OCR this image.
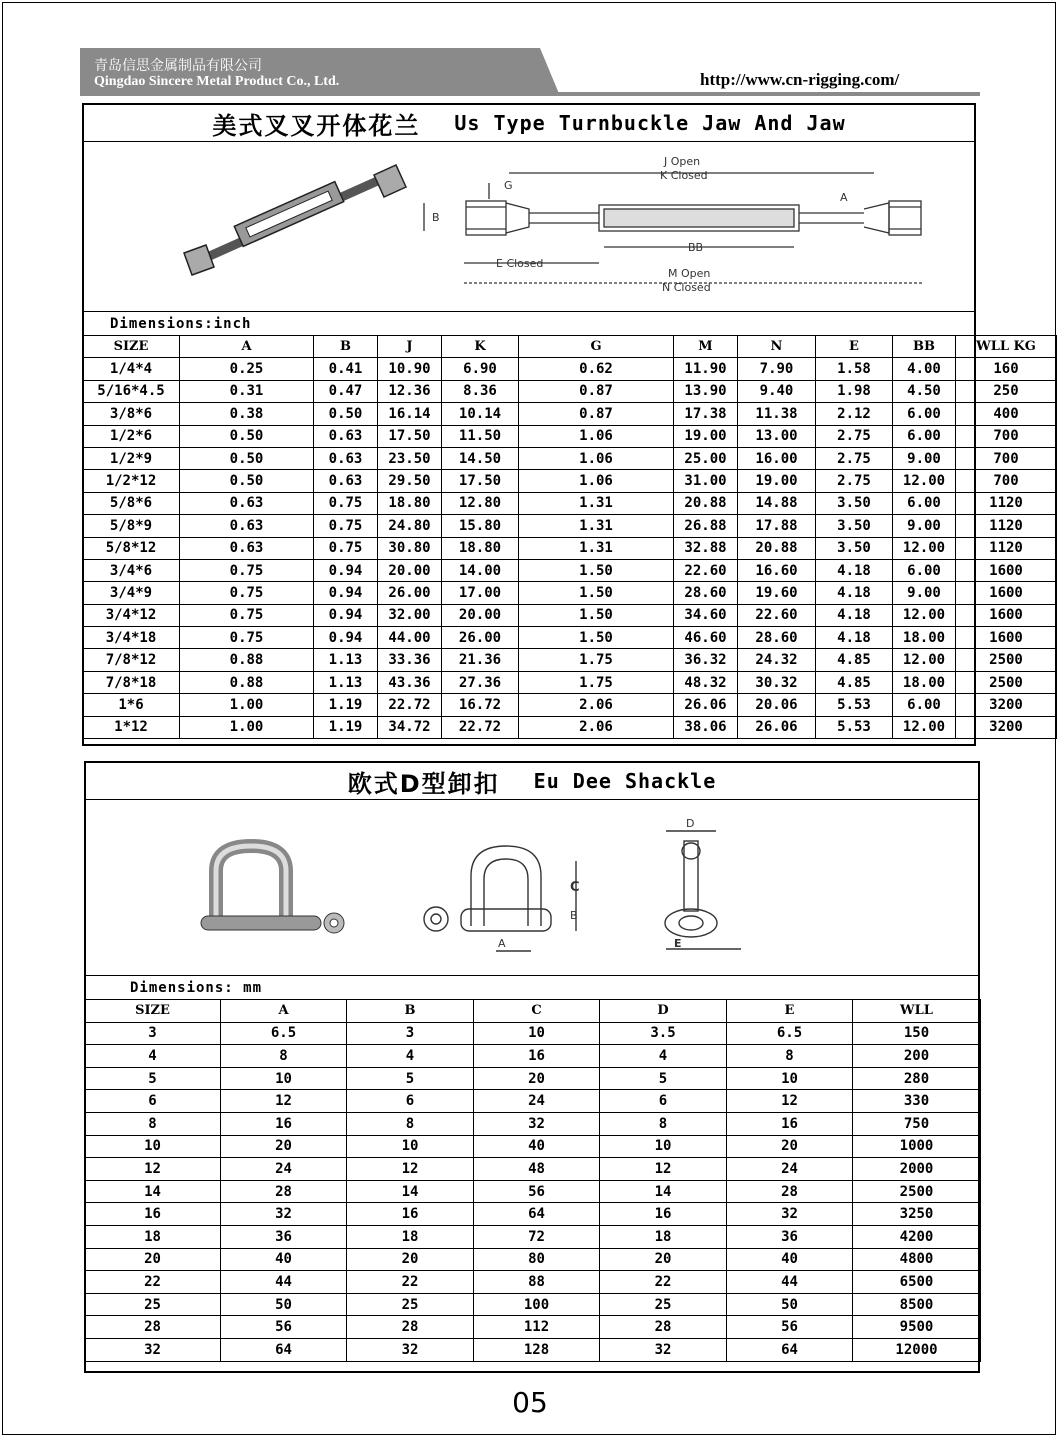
青岛信思金属制品有限公司
Qingdao Sincere Metal Product Co., Ltd.	http://www.cn-rigging.com/
美式叉叉开体花兰 Us Type Turnbuckle Jaw And Jaw
J Open
K Closed
G
B
A
BB
E Closed
M Open
N Closed
Dimensions:inch
SIZE	A	B	J	K	G	M	N	E	BB	WLL KG
1/4*4	0.25	0.41	10.90	6.90	0.62	11.90	7.90	1.58	4.00	160
5/16*4.5	0.31	0.47	12.36	8.36	0.87	13.90	9.40	1.98	4.50	250
3/8*6	0.38	0.50	16.14	10.14	0.87	17.38	11.38	2.12	6.00	400
1/2*6	0.50	0.63	17.50	11.50	1.06	19.00	13.00	2.75	6.00	700
1/2*9	0.50	0.63	23.50	14.50	1.06	25.00	16.00	2.75	9.00	700
1/2*12	0.50	0.63	29.50	17.50	1.06	31.00	19.00	2.75	12.00	700
5/8*6	0.63	0.75	18.80	12.80	1.31	20.88	14.88	3.50	6.00	1120
5/8*9	0.63	0.75	24.80	15.80	1.31	26.88	17.88	3.50	9.00	1120
5/8*12	0.63	0.75	30.80	18.80	1.31	32.88	20.88	3.50	12.00	1120
3/4*6	0.75	0.94	20.00	14.00	1.50	22.60	16.60	4.18	6.00	1600
3/4*9	0.75	0.94	26.00	17.00	1.50	28.60	19.60	4.18	9.00	1600
3/4*12	0.75	0.94	32.00	20.00	1.50	34.60	22.60	4.18	12.00	1600
3/4*18	0.75	0.94	44.00	26.00	1.50	46.60	28.60	4.18	18.00	1600
7/8*12	0.88	1.13	33.36	21.36	1.75	36.32	24.32	4.85	12.00	2500
7/8*18	0.88	1.13	43.36	27.36	1.75	48.32	30.32	4.85	18.00	2500
1*6	1.00	1.19	22.72	16.72	2.06	26.06	20.06	5.53	6.00	3200
1*12	1.00	1.19	34.72	22.72	2.06	38.06	26.06	5.53	12.00	3200
欧式D型卸扣 Eu Dee Shackle
C
B
A
D
E
Dimensions: mm
SIZE	A	B	C	D	E	WLL
3	6.5	3	10	3.5	6.5	150
4	8	4	16	4	8	200
5	10	5	20	5	10	280
6	12	6	24	6	12	330
8	16	8	32	8	16	750
10	20	10	40	10	20	1000
12	24	12	48	12	24	2000
14	28	14	56	14	28	2500
16	32	16	64	16	32	3250
18	36	18	72	18	36	4200
20	40	20	80	20	40	4800
22	44	22	88	22	44	6500
25	50	25	100	25	50	8500
28	56	28	112	28	56	9500
32	64	32	128	32	64	12000
05
